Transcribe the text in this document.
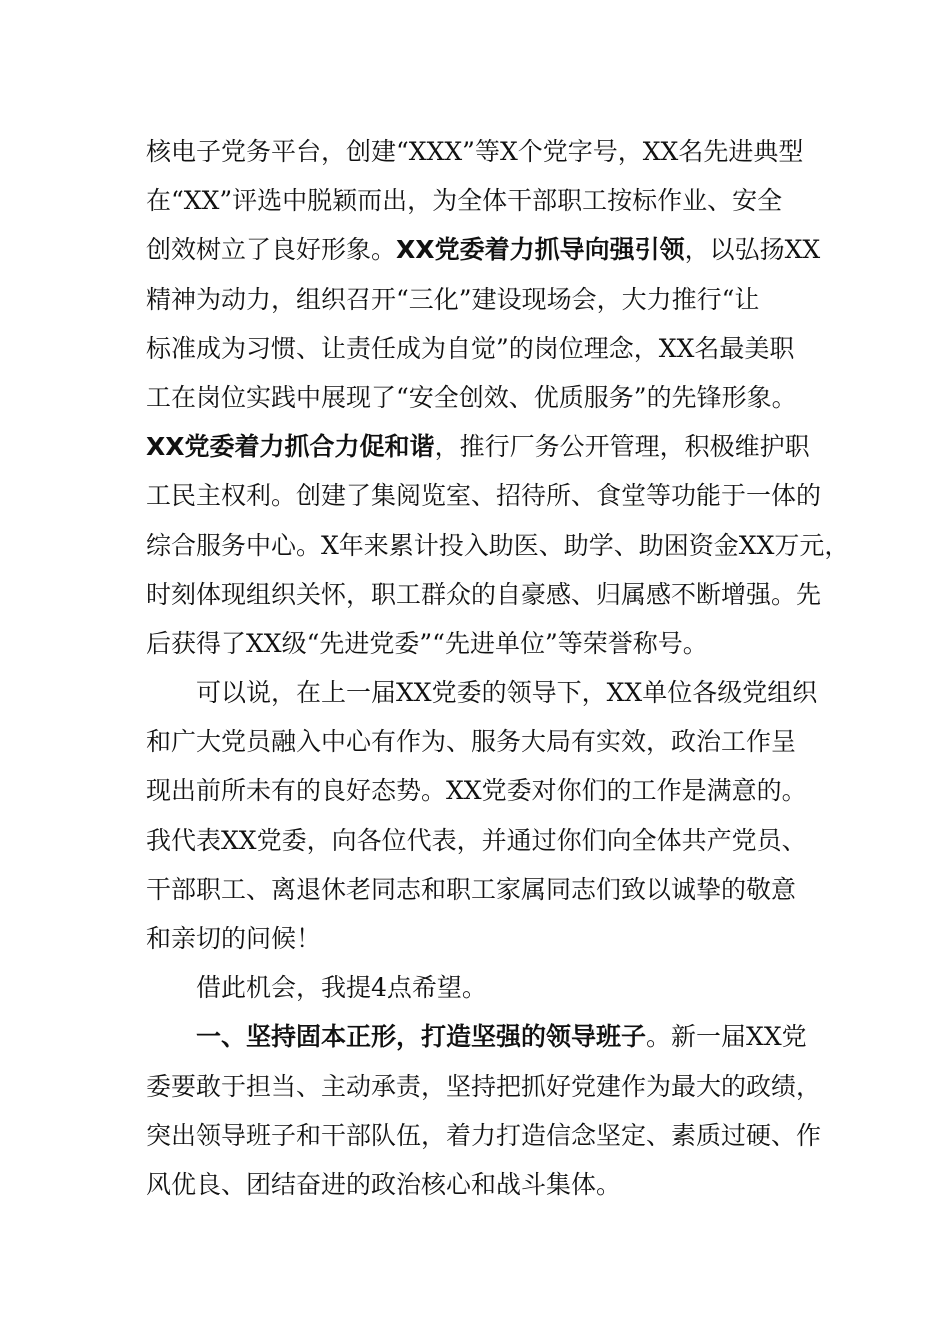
核电子党务平台，创建“XXX”等X个党字号，XX名先进典型
在“XX”评选中脱颖而出，为全体干部职工按标作业、安全
创效树立了良好形象。XX党委着力抓导向强引领，以弘扬XX
精神为动力，组织召开“三化”建设现场会，大力推行“让
标准成为习惯、让责任成为自觉”的岗位理念，XX名最美职
工在岗位实践中展现了“安全创效、优质服务”的先锋形象。
XX党委着力抓合力促和谐，推行厂务公开管理，积极维护职
工民主权利。创建了集阅览室、招待所、食堂等功能于一体的
综合服务中心。X年来累计投入助医、助学、助困资金XX万元，
时刻体现组织关怀，职工群众的自豪感、归属感不断增强。先
后获得了XX级“先进党委”“先进单位”等荣誉称号。
可以说，在上一届XX党委的领导下，XX单位各级党组织
和广大党员融入中心有作为、服务大局有实效，政治工作呈
现出前所未有的良好态势。XX党委对你们的工作是满意的。
我代表XX党委，向各位代表，并通过你们向全体共产党员、
干部职工、离退休老同志和职工家属同志们致以诚挚的敬意
和亲切的问候！
借此机会，我提4点希望。
一、坚持固本正形，打造坚强的领导班子。新一届XX党
委要敢于担当、主动承责，坚持把抓好党建作为最大的政绩，
突出领导班子和干部队伍，着力打造信念坚定、素质过硬、作
风优良、团结奋进的政治核心和战斗集体。
